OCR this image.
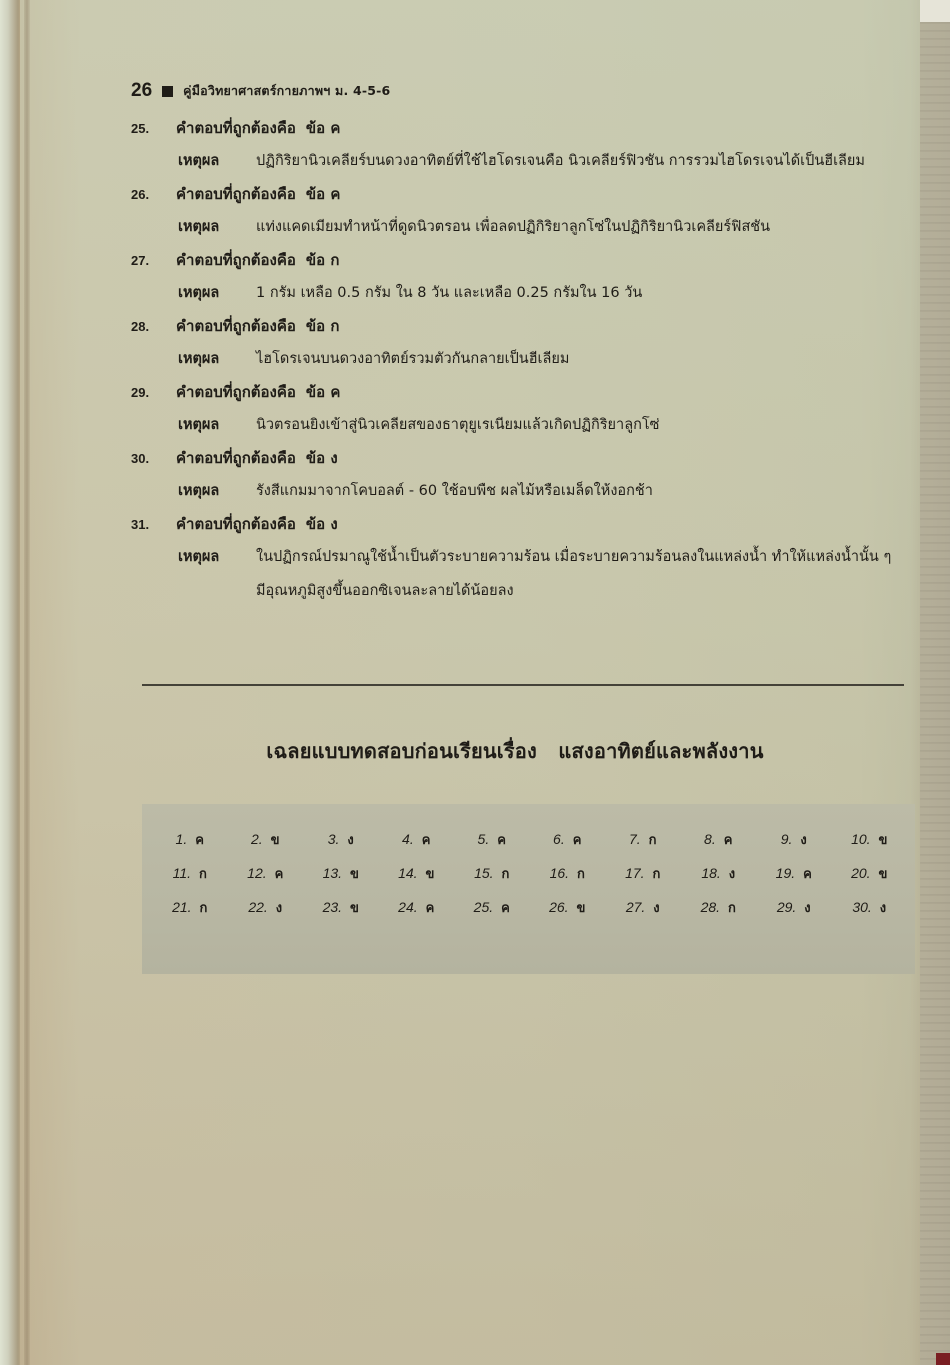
26 คู่มือวิทยาศาสตร์กายภาพฯ ม. 4-5-6
25.	คำตอบที่ถูกต้องคือ ข้อ ค
เหตุผล	ปฏิกิริยานิวเคลียร์บนดวงอาทิตย์ที่ใช้ไฮโดรเจนคือ นิวเคลียร์ฟิวชัน การรวมไฮโดรเจนได้เป็นฮีเลียม
26.	คำตอบที่ถูกต้องคือ ข้อ ค
เหตุผล	แท่งแคดเมียมทำหน้าที่ดูดนิวตรอน เพื่อลดปฏิกิริยาลูกโซ่ในปฏิกิริยานิวเคลียร์ฟิสชัน
27.	คำตอบที่ถูกต้องคือ ข้อ ก
เหตุผล	1 กรัม เหลือ 0.5 กรัม ใน 8 วัน และเหลือ 0.25 กรัมใน 16 วัน
28.	คำตอบที่ถูกต้องคือ ข้อ ก
เหตุผล	ไฮโดรเจนบนดวงอาทิตย์รวมตัวกันกลายเป็นฮีเลียม
29.	คำตอบที่ถูกต้องคือ ข้อ ค
เหตุผล	นิวตรอนยิงเข้าสู่นิวเคลียสของธาตุยูเรเนียมแล้วเกิดปฏิกิริยาลูกโซ่
30.	คำตอบที่ถูกต้องคือ ข้อ ง
เหตุผล	รังสีแกมมาจากโคบอลต์ - 60 ใช้อบพืช ผลไม้หรือเมล็ดให้งอกช้า
31.	คำตอบที่ถูกต้องคือ ข้อ ง
เหตุผล	ในปฏิกรณ์ปรมาณูใช้น้ำเป็นตัวระบายความร้อน เมื่อระบายความร้อนลงในแหล่งน้ำ ทำให้แหล่งน้ำนั้น ๆ มีอุณหภูมิสูงขึ้นออกซิเจนละลายได้น้อยลง
เฉลยแบบทดสอบก่อนเรียนเรื่อง   แสงอาทิตย์และพลังงาน
1. ค	2. ข	3. ง	4. ค	5. ค	6. ค	7. ก	8. ค	9. ง	10. ข
11. ก	12. ค	13. ข	14. ข	15. ก	16. ก	17. ก	18. ง	19. ค	20. ข
21. ก	22. ง	23. ข	24. ค	25. ค	26. ข	27. ง	28. ก	29. ง	30. ง
